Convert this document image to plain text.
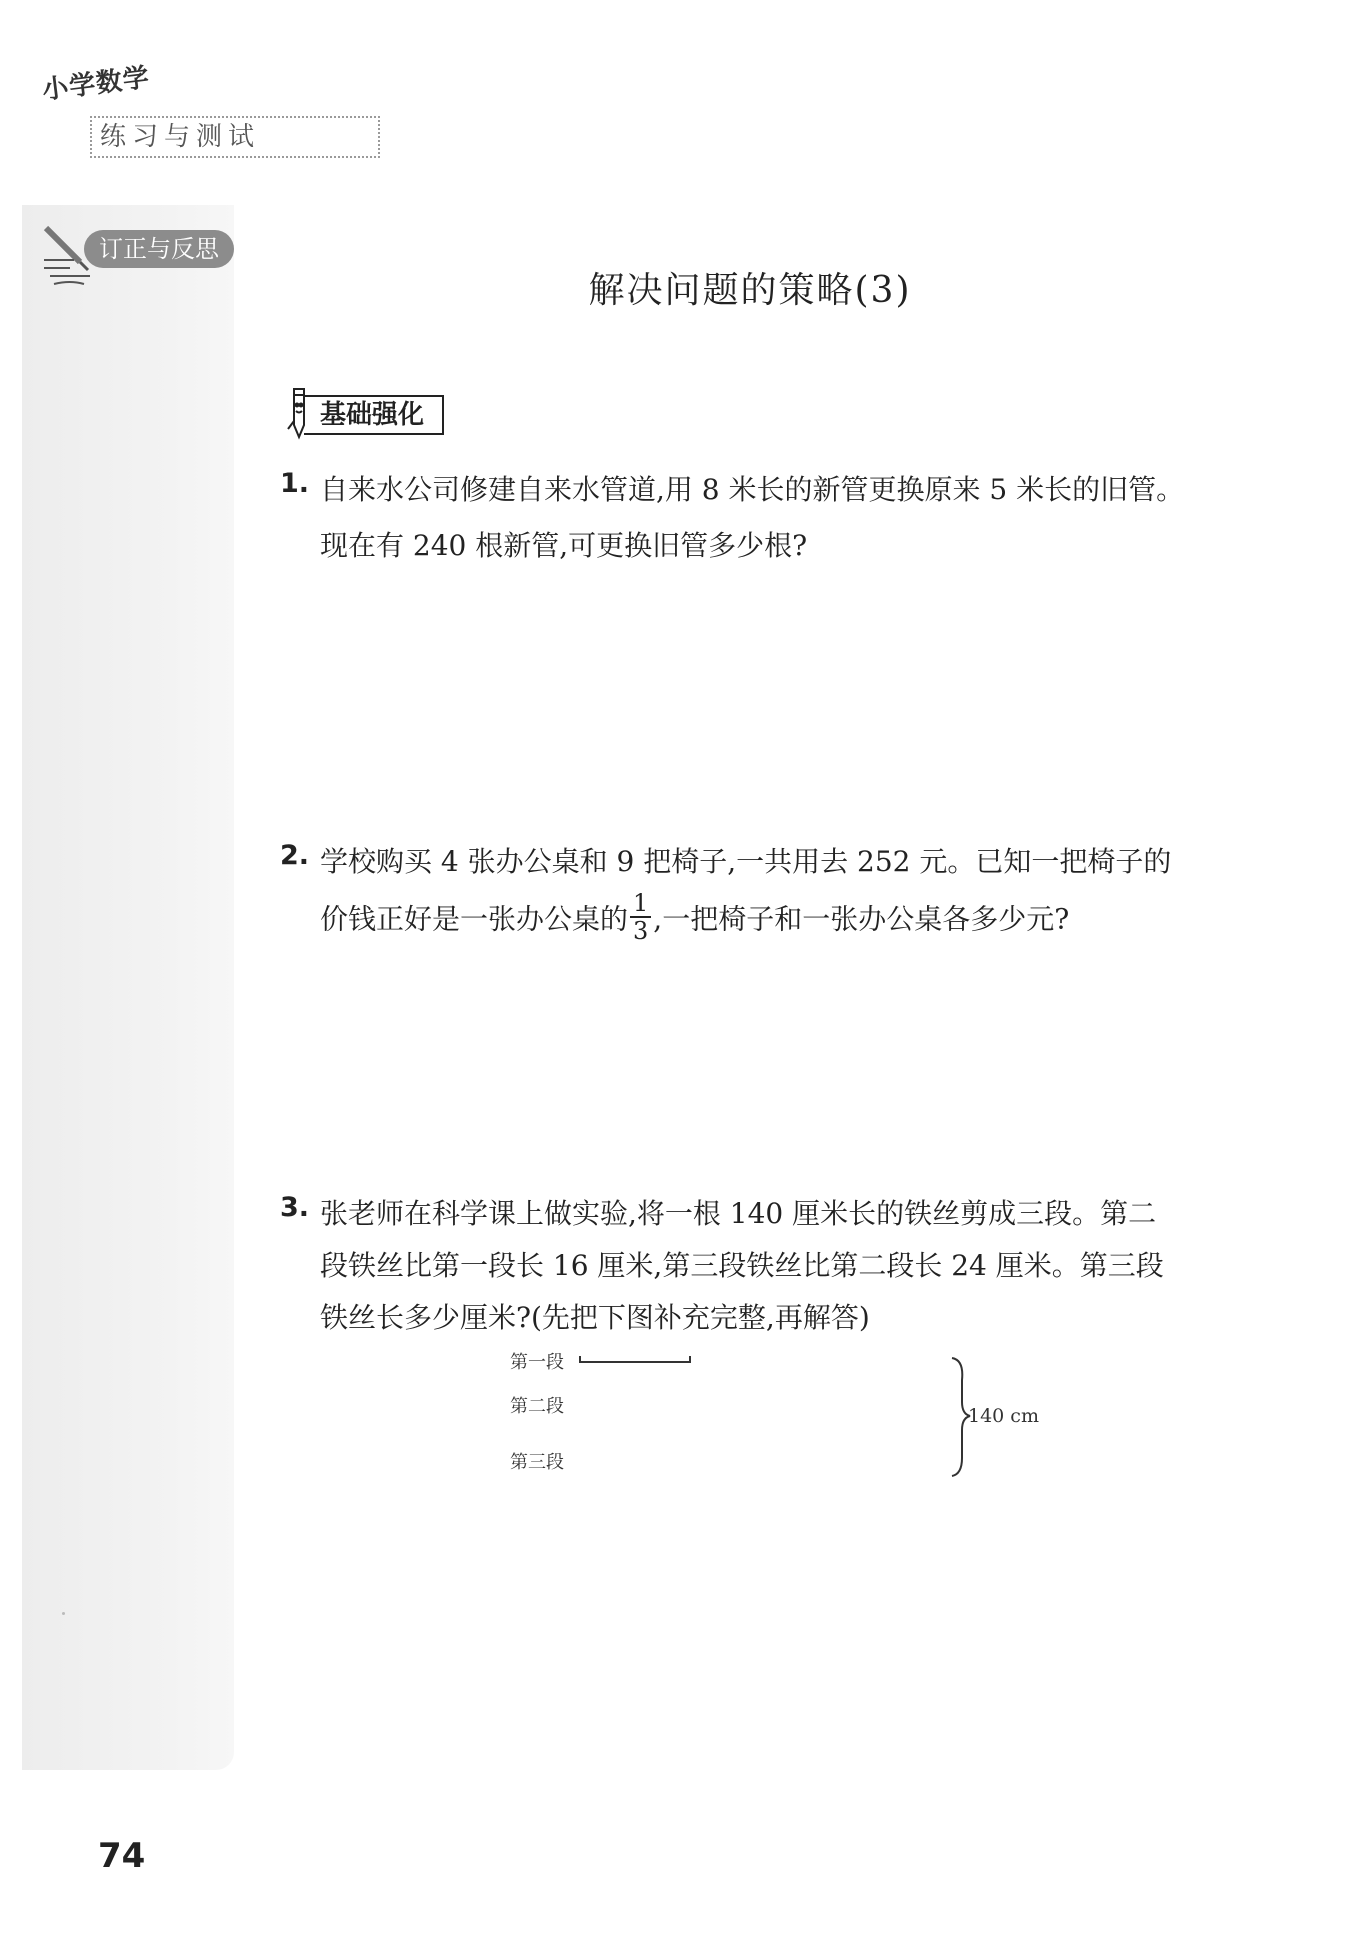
小学数学
练习与测试
订正与反思
解决问题的策略(3)
基础强化
1. 自来水公司修建自来水管道,用 8 米长的新管更换原来 5 米长的旧管。
现在有 240 根新管,可更换旧管多少根?
2. 学校购买 4 张办公桌和 9 把椅子,一共用去 252 元。已知一把椅子的
价钱正好是一张办公桌的 $\frac{1}{3}$ ,一把椅子和一张办公桌各多少元?
3. 张老师在科学课上做实验,将一根 140 厘米长的铁丝剪成三段。第二
段铁丝比第一段长 16 厘米,第三段铁丝比第二段长 24 厘米。第三段
铁丝长多少厘米?(先把下图补充完整,再解答)
第一段
第二段
第三段
140 cm
74
